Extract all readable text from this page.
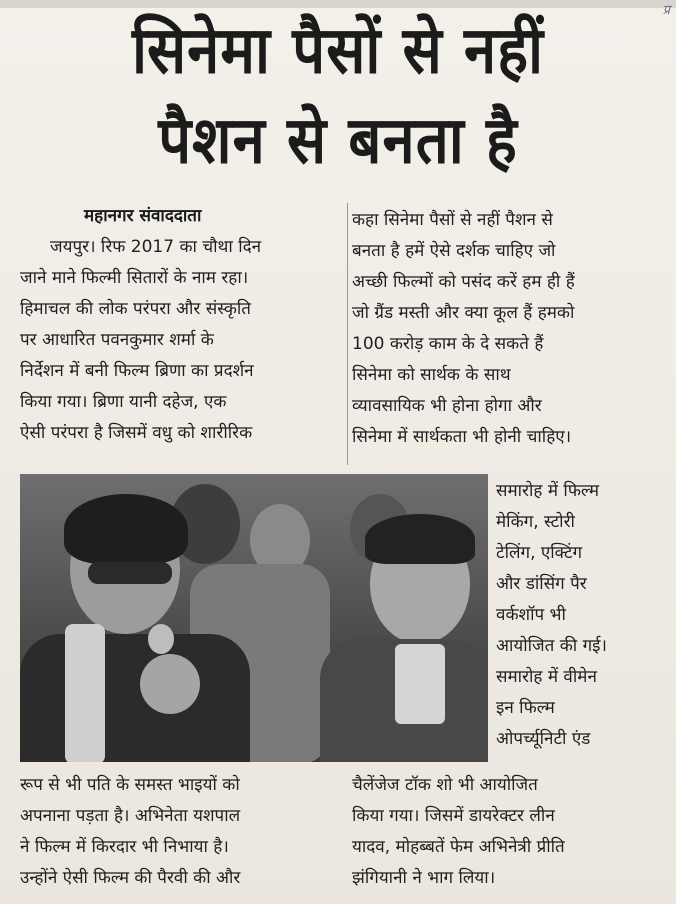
प्र
सिनेमा पैसों से नहीं
पैशन से बनता है
महानगर संवाददाता
जयपुर। रिफ 2017 का चौथा दिन
जाने माने फिल्मी सितारों के नाम रहा।
हिमाचल की लोक परंपरा और संस्कृति
पर आधारित पवनकुमार शर्मा के
निर्देशन में बनी फिल्म ब्रिणा का प्रदर्शन
किया गया। ब्रिणा यानी दहेज, एक
ऐसी परंपरा है जिसमें वधु को शारीरिक
कहा सिनेमा पैसों से नहीं पैशन से
बनता है हमें ऐसे दर्शक चाहिए जो
अच्छी फिल्मों को पसंद करें हम ही हैं
जो ग्रैंड मस्ती और क्या कूल हैं हमको
100 करोड़ काम के दे सकते हैं
सिनेमा को सार्थक के साथ
व्यावसायिक भी होना होगा और
सिनेमा में सार्थकता भी होनी चाहिए।
समारोह में फिल्म
मेकिंग, स्टोरी
टेलिंग, एक्टिंग
और डांसिंग पैर
वर्कशॉप भी
आयोजित की गई।
समारोह में वीमेन
इन फिल्म
ओपर्च्यूनिटी एंड
रूप से भी पति के समस्त भाइयों को
अपनाना पड़ता है। अभिनेता यशपाल
ने फिल्म में किरदार भी निभाया है।
उन्होंने ऐसी फिल्म की पैरवी की और
चैलेंजेज टॉक शो भी आयोजित
किया गया। जिसमें डायरेक्टर लीन
यादव, मोहब्बतें फेम अभिनेत्री प्रीति
झंगियानी ने भाग लिया।
